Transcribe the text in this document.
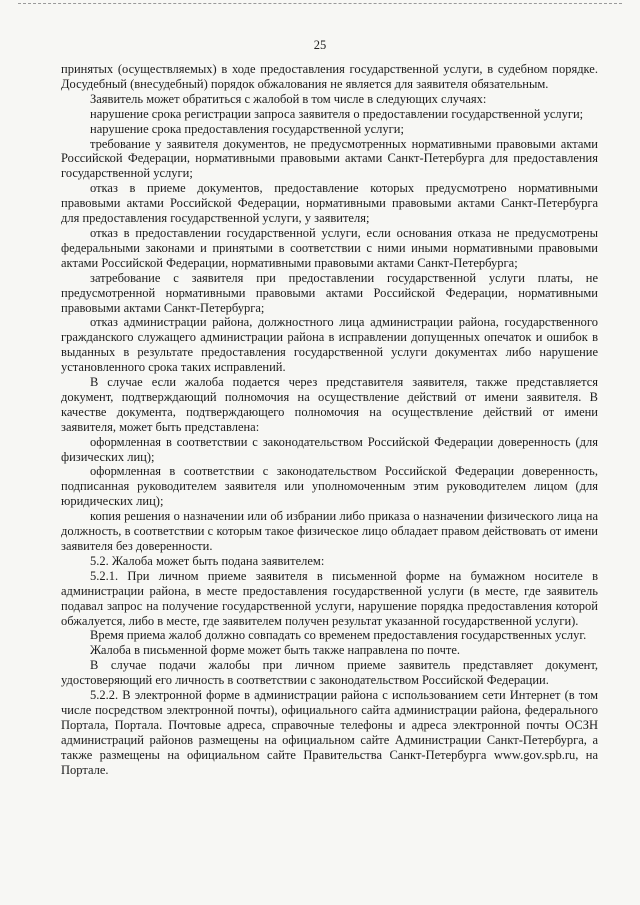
25

принятых (осуществляемых) в ходе предоставления государственной услуги, в судебном порядке. Досудебный (внесудебный) порядок обжалования не является для заявителя обязательным.

Заявитель может обратиться с жалобой в том числе в следующих случаях:

нарушение срока регистрации запроса заявителя о предоставлении государственной услуги;

нарушение срока предоставления государственной услуги;

требование у заявителя документов, не предусмотренных нормативными правовыми актами Российской Федерации, нормативными правовыми актами Санкт-Петербурга для предоставления государственной услуги;

отказ в приеме документов, предоставление которых предусмотрено нормативными правовыми актами Российской Федерации, нормативными правовыми актами Санкт-Петербурга для предоставления государственной услуги, у заявителя;

отказ в предоставлении государственной услуги, если основания отказа не предусмотрены федеральными законами и принятыми в соответствии с ними иными нормативными правовыми актами Российской Федерации, нормативными правовыми актами Санкт-Петербурга;

затребование с заявителя при предоставлении государственной услуги платы, не предусмотренной нормативными правовыми актами Российской Федерации, нормативными правовыми актами Санкт-Петербурга;

отказ администрации района, должностного лица администрации района, государственного гражданского служащего администрации района в исправлении допущенных опечаток и ошибок в выданных в результате предоставления государственной услуги документах либо нарушение установленного срока таких исправлений.

В случае если жалоба подается через представителя заявителя, также представляется документ, подтверждающий полномочия на осуществление действий от имени заявителя. В качестве документа, подтверждающего полномочия на осуществление действий от имени заявителя, может быть представлена:

оформленная в соответствии с законодательством Российской Федерации доверенность (для физических лиц);

оформленная в соответствии с законодательством Российской Федерации доверенность, подписанная руководителем заявителя или уполномоченным этим руководителем лицом (для юридических лиц);

копия решения о назначении или об избрании либо приказа о назначении физического лица на должность, в соответствии с которым такое физическое лицо обладает правом действовать от имени заявителя без доверенности.

5.2. Жалоба может быть подана заявителем:

5.2.1. При личном приеме заявителя в письменной форме на бумажном носителе в администрации района, в месте предоставления государственной услуги (в месте, где заявитель подавал запрос на получение государственной услуги, нарушение порядка предоставления которой обжалуется, либо в месте, где заявителем получен результат указанной государственной услуги).

Время приема жалоб должно совпадать со временем предоставления государственных услуг.

Жалоба в письменной форме может быть также направлена по почте.

В случае подачи жалобы при личном приеме заявитель представляет документ, удостоверяющий его личность в соответствии с законодательством Российской Федерации.

5.2.2. В электронной форме в администрации района с использованием сети Интернет (в том числе посредством электронной почты), официального сайта администрации района, федерального Портала, Портала. Почтовые адреса, справочные телефоны и адреса электронной почты ОСЗН администраций районов размещены на официальном сайте Администрации Санкт-Петербурга, а также размещены на официальном сайте Правительства Санкт-Петербурга www.gov.spb.ru, на Портале.
